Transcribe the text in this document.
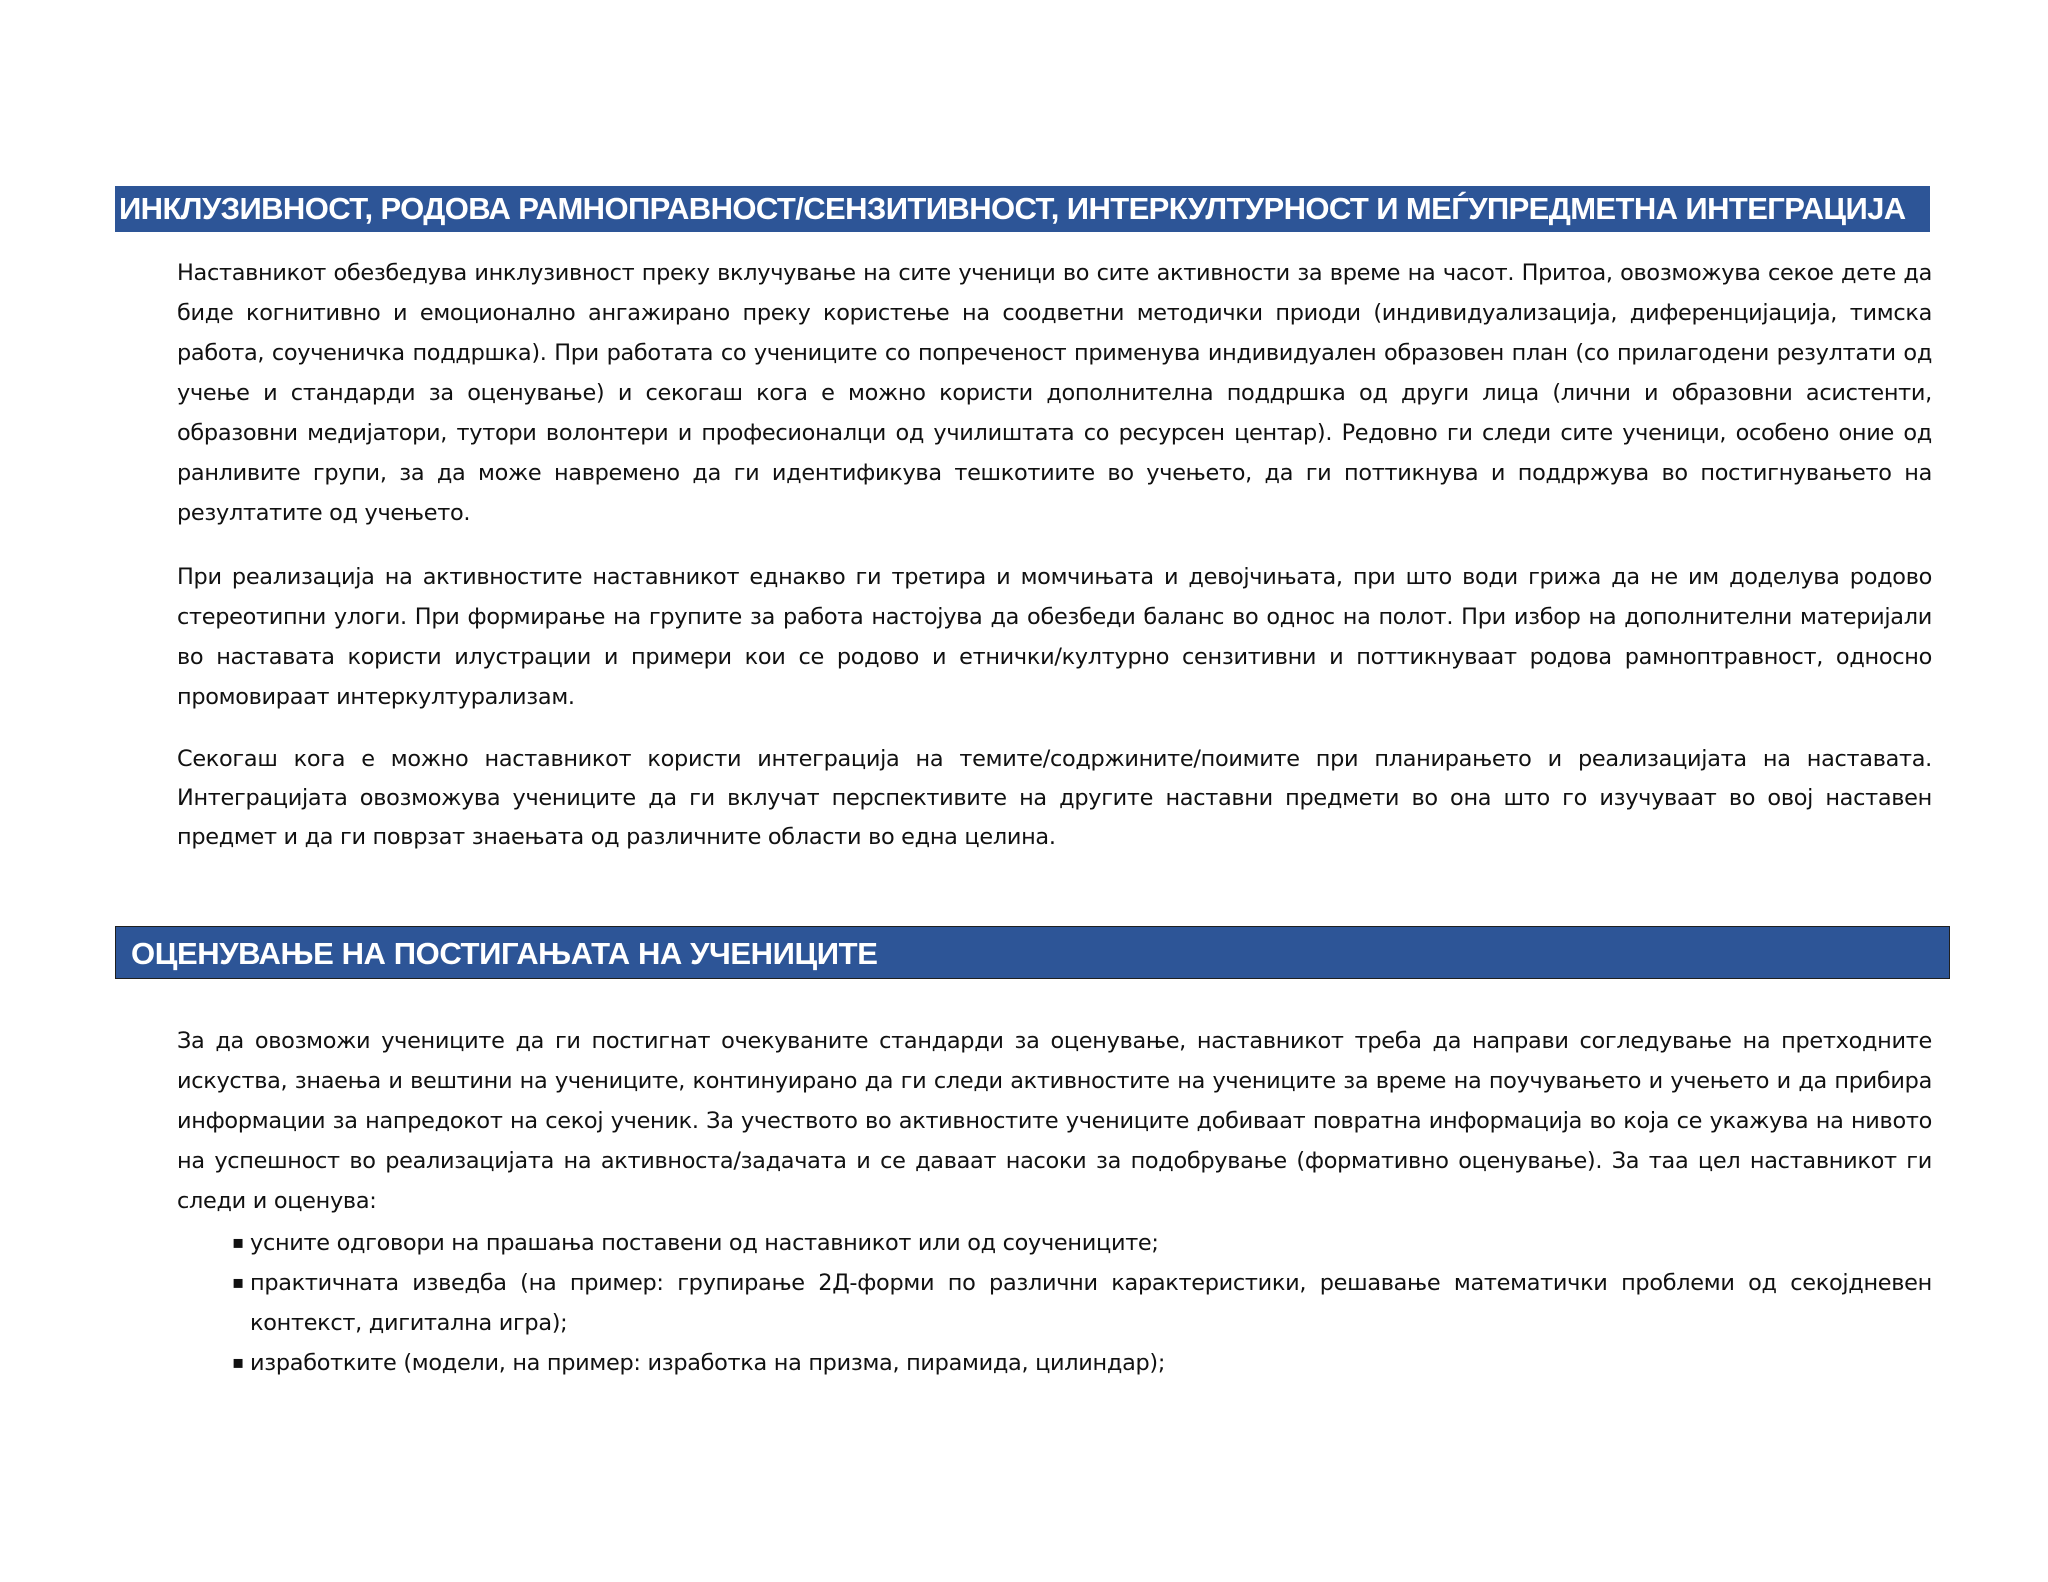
ИНКЛУЗИВНОСТ, РОДОВА РАМНОПРАВНОСТ/СЕНЗИТИВНОСТ, ИНТЕРКУЛТУРНОСТ И МЕЃУПРЕДМЕТНА ИНТЕГРАЦИЈА

Наставникот обезбедува инклузивност преку вклучување на сите ученици во сите активности за време на часот. Притоа, овозможува секое дете да биде когнитивно и емоционално ангажирано преку користење на соодветни методички приоди (индивидуализација, диференцијација, тимска работа, соученичка поддршка). При работата со учениците со попреченост применува индивидуален образовен план (со прилагодени резултати од учење и стандарди за оценување) и секогаш кога е можно користи дополнителна поддршка од други лица (лични и образовни асистенти, образовни медијатори, тутори волонтери и професионалци од училиштата со ресурсен центар). Редовно ги следи сите ученици, особено оние од ранливите групи, за да може навремено да ги идентификува тешкотиите во учењето, да ги поттикнува и поддржува во постигнувањето на резултатите од учењето.

При реализација на активностите наставникот еднакво ги третира и момчињата и девојчињата, при што води грижа да не им доделува родово стереотипни улоги. При формирање на групите за работа настојува да обезбеди баланс во однос на полот. При избор на дополнителни материјали во наставата користи илустрации и примери кои се родово и етнички/културно сензитивни и поттикнуваат родова рамноптравност, односно промовираат интеркултурализам.

Секогаш кога е можно наставникот користи интеграција на темите/содржините/поимите при планирањето и реализацијата на наставата. Интеграцијата овозможува учениците да ги вклучат перспективите на другите наставни предмети во она што го изучуваат во овој наставен предмет и да ги поврзат знаењата од различните области во една целина.

ОЦЕНУВАЊЕ НА ПОСТИГАЊАТА НА УЧЕНИЦИТЕ

За да овозможи учениците да ги постигнат очекуваните стандарди за оценување, наставникот треба да направи согледување на претходните искуства, знаења и вештини на учениците, континуирано да ги следи активностите на учениците за време на поучувањето и учењето и да прибира информации за напредокот на секој ученик. За учеството во активностите учениците добиваат повратна информација во која се укажува на нивото на успешност во реализацијата на активноста/задачата и се даваат насоки за подобрување (формативно оценување). За таа цел наставникот ги следи и оценува:

▪ усните одговори на прашања поставени од наставникот или од соучениците;
▪ практичната изведба (на пример: групирање 2Д-форми по различни карактеристики, решавање математички проблеми од секојдневен контекст, дигитална игра);
▪ изработките (модели, на пример: изработка на призма, пирамида, цилиндар);
